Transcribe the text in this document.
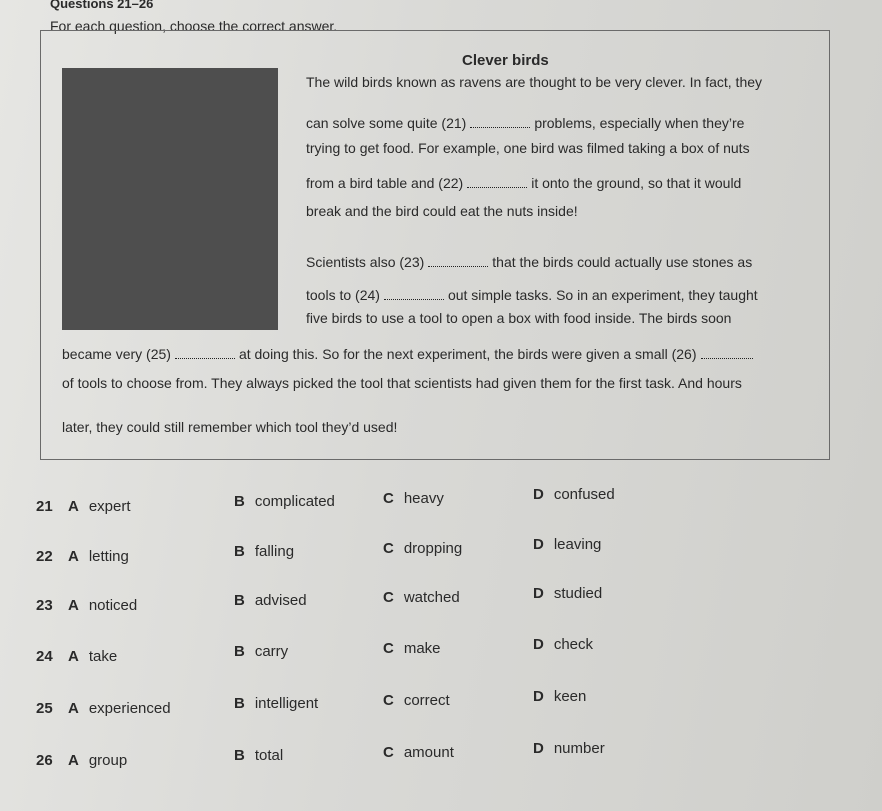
Questions 21–26
For each question, choose the correct answer.
Clever birds
The wild birds known as ravens are thought to be very clever. In fact, they
can solve some quite (21)	problems, especially when they’re
trying to get food. For example, one bird was filmed taking a box of nuts
from a bird table and (22)	it onto the ground, so that it would
break and the bird could eat the nuts inside!
Scientists also (23)	that the birds could actually use stones as
tools to (24)	out simple tasks. So in an experiment, they taught
five birds to use a tool to open a box with food inside. The birds soon
became very (25)	at doing this. So for the next experiment, the birds were given a small (26)
of tools to choose from. They always picked the tool that scientists had given them for the first task. And hours
later, they could still remember which tool they’d used!
21 A expert	B complicated	C heavy	D confused
22 A letting	B falling	C dropping	D leaving
23 A noticed	B advised	C watched	D studied
24 A take	B carry	C make	D check
25 A experienced	B intelligent	C correct	D keen
26 A group	B total	C amount	D number
